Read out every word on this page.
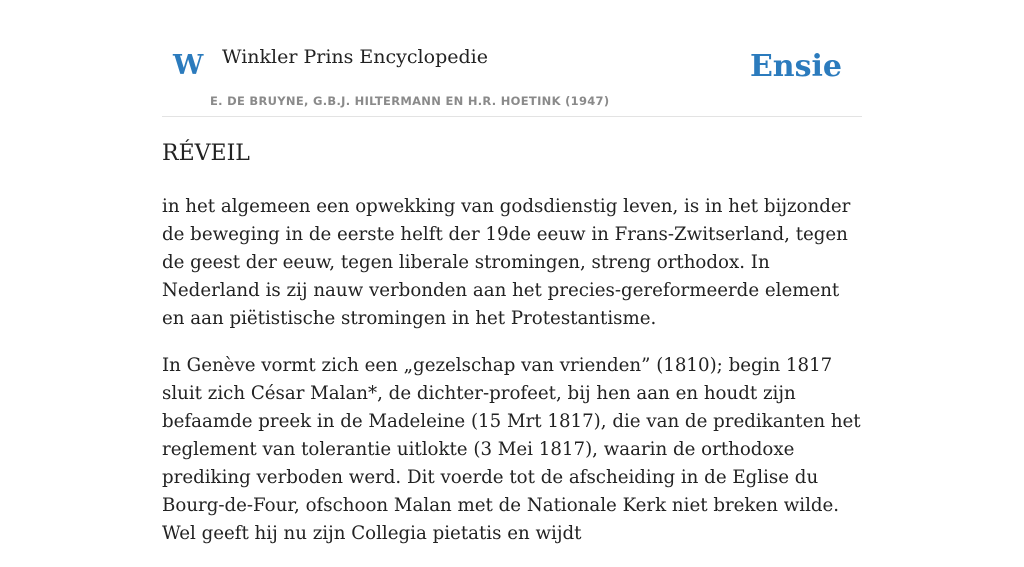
W Winkler Prins Encyclopedie
E. DE BRUYNE, G.B.J. HILTERMANN EN H.R. HOETINK (1947)
Ensie
RÉVEIL

in het algemeen een opwekking van godsdienstig leven, is in het bijzonder de beweging in de eerste helft der 19de eeuw in Frans-Zwitserland, tegen de geest der eeuw, tegen liberale stromingen, streng orthodox. In Nederland is zij nauw verbonden aan het precies-gereformeerde element en aan piëtistische stromingen in het Protestantisme.

In Genève vormt zich een „gezelschap van vrienden” (1810); begin 1817 sluit zich César Malan*, de dichter-profeet, bij hen aan en houdt zijn befaamde preek in de Madeleine (15 Mrt 1817), die van de predikanten het reglement van tolerantie uitlokte (3 Mei 1817), waarin de orthodoxe prediking verboden werd. Dit voerde tot de afscheiding in de Eglise du Bourg-de-Four, ofschoon Malan met de Nationale Kerk niet breken wilde. Wel geeft hij nu zijn Collegia pietatis en wijdt
